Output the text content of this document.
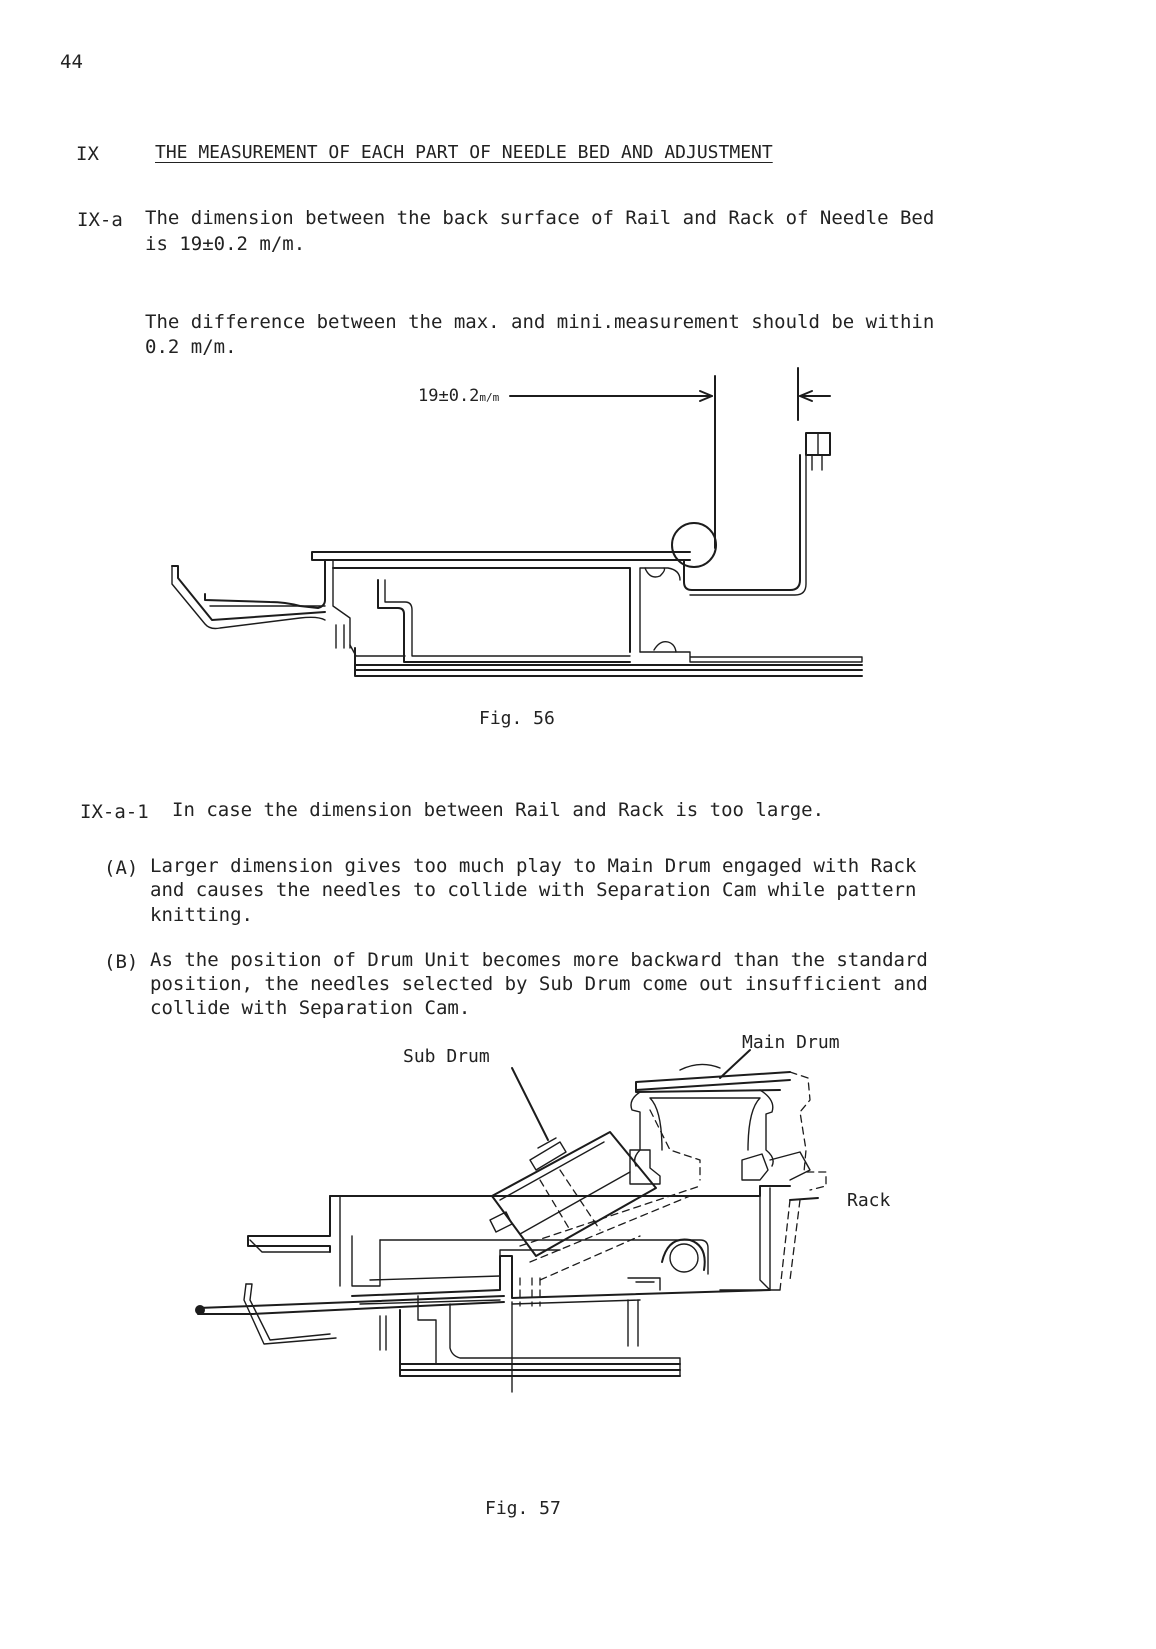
44
IX	THE MEASUREMENT OF EACH PART OF NEEDLE BED AND ADJUSTMENT
IX-a The dimension between the back surface of Rail and Rack of Needle Bed
is 19±0.2 m/m.
The difference between the max. and mini.measurement should be within
0.2 m/m.
19±0.2m/m
Fig. 56
IX-a-1 In case the dimension between Rail and Rack is too large.
(A) Larger dimension gives too much play to Main Drum engaged with Rack
and causes the needles to collide with Separation Cam while pattern
knitting.
(B) As the position of Drum Unit becomes more backward than the standard
position, the needles selected by Sub Drum come out insufficient and
collide with Separation Cam.
Sub Drum
Main Drum
Rack
Fig. 57
